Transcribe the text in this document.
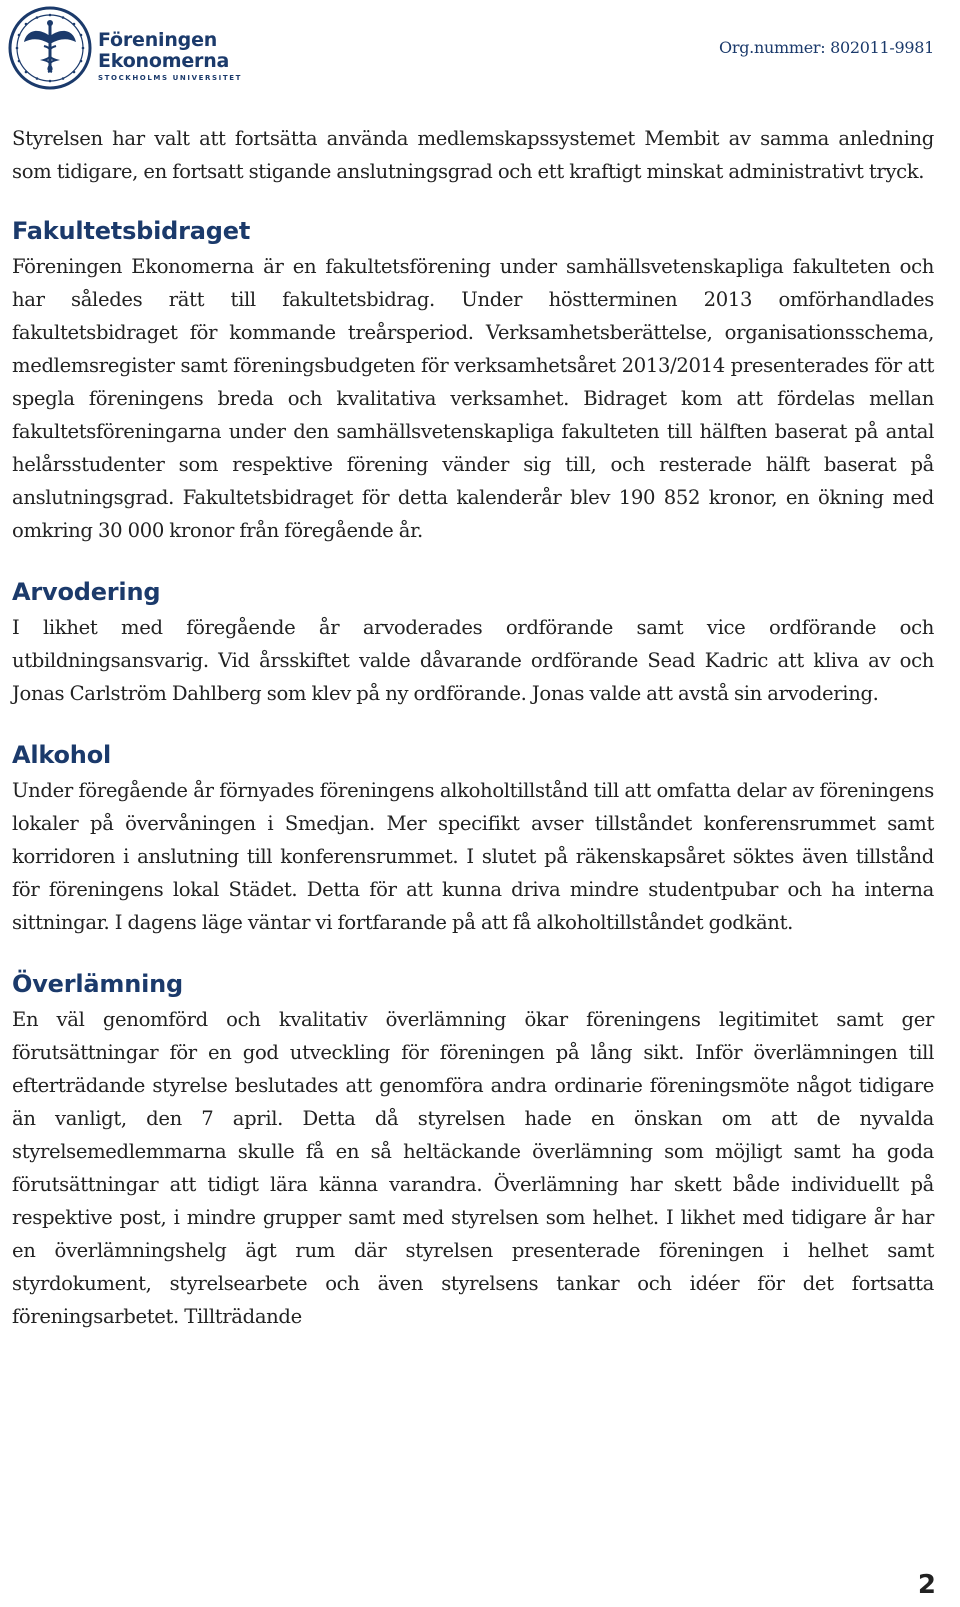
Föreningen
Ekonomerna
STOCKHOLMS UNIVERSITET
Org.nummer: 802011-9981

Styrelsen har valt att fortsätta använda medlemskapssystemet Membit av samma anledning som tidigare, en fortsatt stigande anslutningsgrad och ett kraftigt minskat administrativt tryck.

Fakultetsbidraget

Föreningen Ekonomerna är en fakultetsförening under samhällsvetenskapliga fakulteten och har således rätt till fakultetsbidrag. Under höstterminen 2013 omförhandlades fakultetsbidraget för kommande treårsperiod. Verksamhetsberättelse, organisationsschema, medlemsregister samt föreningsbudgeten för verksamhetsåret 2013/2014 presenterades för att spegla föreningens breda och kvalitativa verksamhet. Bidraget kom att fördelas mellan fakultetsföreningarna under den samhällsvetenskapliga fakulteten till hälften baserat på antal helårsstudenter som respektive förening vänder sig till, och resterade hälft baserat på anslutningsgrad. Fakultetsbidraget för detta kalenderår blev 190 852 kronor, en ökning med omkring 30 000 kronor från föregående år.

Arvodering

I likhet med föregående år arvoderades ordförande samt vice ordförande och utbildningsansvarig. Vid årsskiftet valde dåvarande ordförande Sead Kadric att kliva av och Jonas Carlström Dahlberg som klev på ny ordförande. Jonas valde att avstå sin arvodering.

Alkohol

Under föregående år förnyades föreningens alkoholtillstånd till att omfatta delar av föreningens lokaler på övervåningen i Smedjan. Mer specifikt avser tillståndet konferensrummet samt korridoren i anslutning till konferensrummet. I slutet på räkenskapsåret söktes även tillstånd för föreningens lokal Städet. Detta för att kunna driva mindre studentpubar och ha interna sittningar. I dagens läge väntar vi fortfarande på att få alkoholtillståndet godkänt.

Överlämning

En väl genomförd och kvalitativ överlämning ökar föreningens legitimitet samt ger förutsättningar för en god utveckling för föreningen på lång sikt. Inför överlämningen till efterträdande styrelse beslutades att genomföra andra ordinarie föreningsmöte något tidigare än vanligt, den 7 april. Detta då styrelsen hade en önskan om att de nyvalda styrelsemedlemmarna skulle få en så heltäckande överlämning som möjligt samt ha goda förutsättningar att tidigt lära känna varandra. Överlämning har skett både individuellt på respektive post, i mindre grupper samt med styrelsen som helhet. I likhet med tidigare år har en överlämningshelg ägt rum där styrelsen presenterade föreningen i helhet samt styrdokument, styrelsearbete och även styrelsens tankar och idéer för det fortsatta föreningsarbetet. Tillträdande

2
